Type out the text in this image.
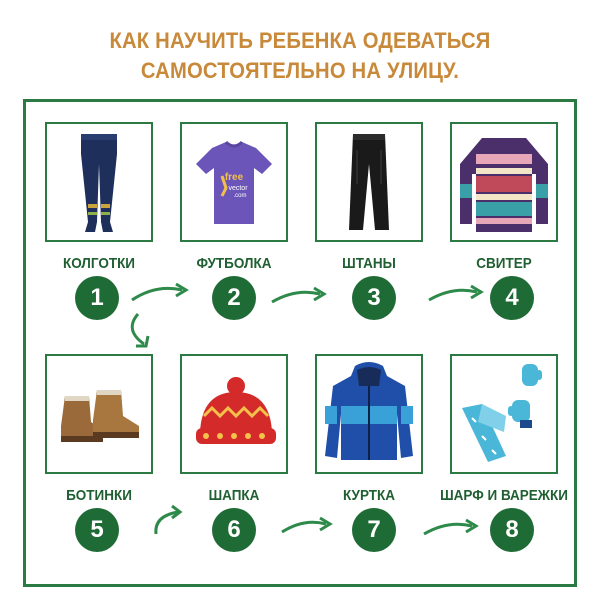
КАК НАУЧИТЬ РЕБЕНКА ОДЕВАТЬСЯ
САМОСТОЯТЕЛЬНО НА УЛИЦУ.
free
vector
.com
КОЛГОТКИ	ФУТБОЛКА	ШТАНЫ	СВИТЕР
БОТИНКИ	ШАПКА	КУРТКА	ШАРФ И ВАРЕЖКИ
1	2	3	4
5	6	7	8
